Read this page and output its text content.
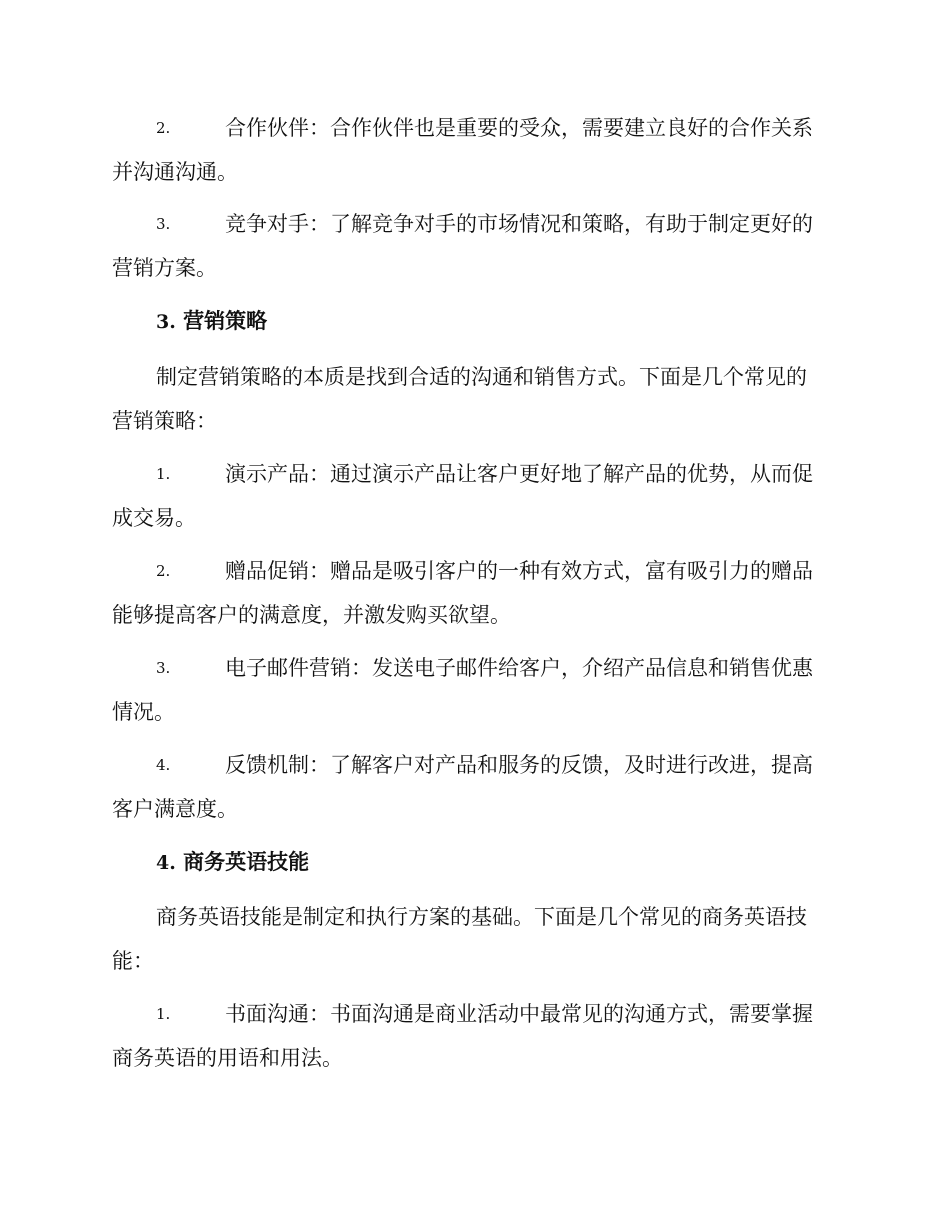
2.	合作伙伴：合作伙伴也是重要的受众，需要建立良好的合作关系
并沟通沟通。
3.	竞争对手：了解竞争对手的市场情况和策略，有助于制定更好的
营销方案。
3. 营销策略
制定营销策略的本质是找到合适的沟通和销售方式。下面是几个常见的
营销策略：
1.	演示产品：通过演示产品让客户更好地了解产品的优势，从而促
成交易。
2.	赠品促销：赠品是吸引客户的一种有效方式，富有吸引力的赠品
能够提高客户的满意度，并激发购买欲望。
3.	电子邮件营销：发送电子邮件给客户，介绍产品信息和销售优惠
情况。
4.	反馈机制：了解客户对产品和服务的反馈，及时进行改进，提高
客户满意度。
4. 商务英语技能
商务英语技能是制定和执行方案的基础。下面是几个常见的商务英语技
能：
1.	书面沟通：书面沟通是商业活动中最常见的沟通方式，需要掌握
商务英语的用语和用法。
